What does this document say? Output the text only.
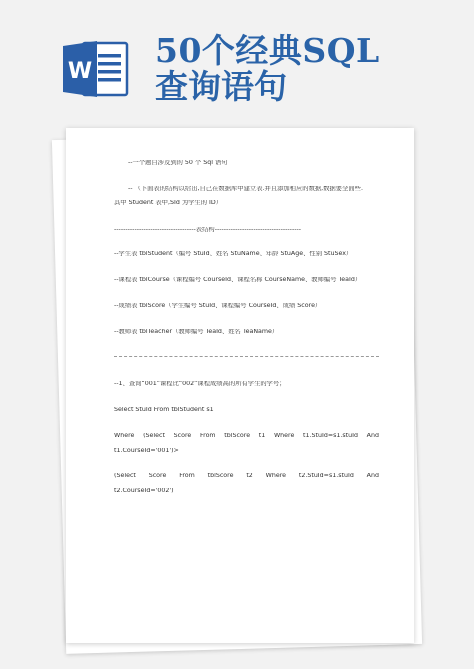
W
50个经典SQL
查询语句
--一个题目涉及到的 50 个 Sql 语句
-- （下面表的结构以给出,自己在数据库中建立表.并且添加相应的数据,数据要全面些.
其中 Student 表中,SId 为学生的 ID）
------------------------------------表结构--------------------------------------
--学生表 tblStudent（编号 StuId、姓名 StuName、年龄 StuAge、性别 StuSex）
--课程表 tblCourse（课程编号 CourseId、课程名称 CourseName、教师编号 TeaId）
--成绩表 tblScore（学生编号 StuId、课程编号 CourseId、成绩 Score）
--教师表 tblTeacher（教师编号 TeaId、姓名 TeaName）
--1、查询“001”课程比“002”课程成绩高的所有学生的学号；
Select StuId From tblStudent s1
Where (Select Score From tblScore t1 Where t1.StuId=s1.stuId And
t1.CourseId='001')>
(Select Score From tblScore t2 Where t2.StuId=s1.stuId And
t2.CourseId='002')
